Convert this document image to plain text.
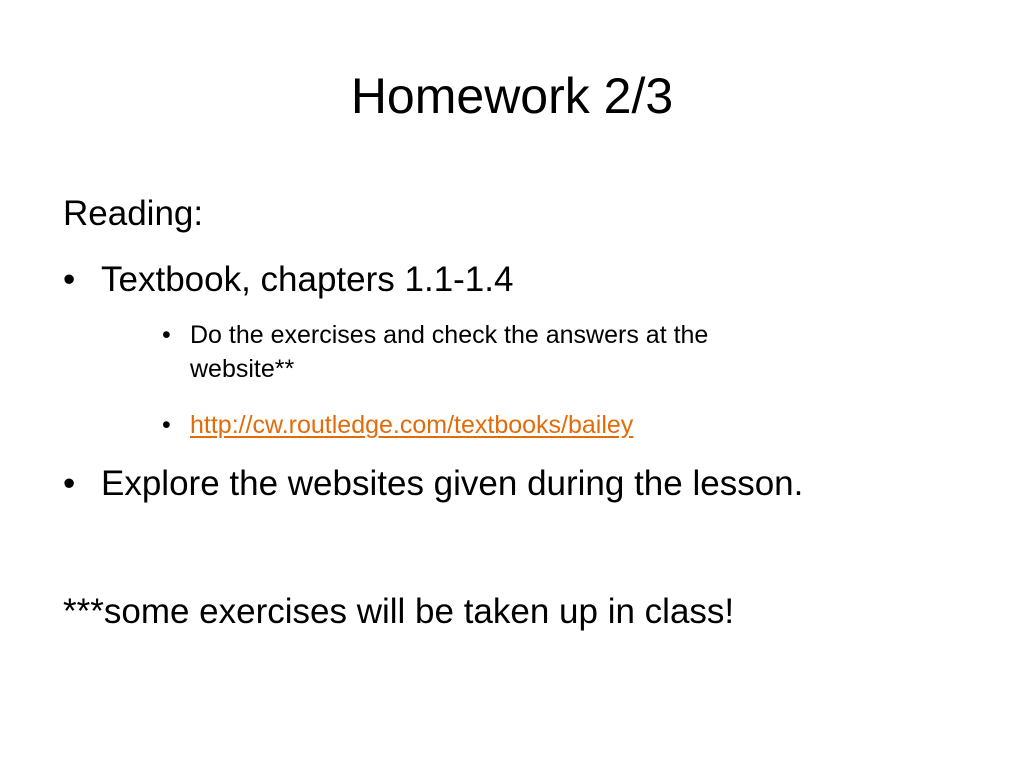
Homework 2/3
Reading:
• Textbook, chapters 1.1-1.4
• Do the exercises and check the answers at the
website**
• http://cw.routledge.com/textbooks/bailey
• Explore the websites given during the lesson.
***some exercises will be taken up in class!
